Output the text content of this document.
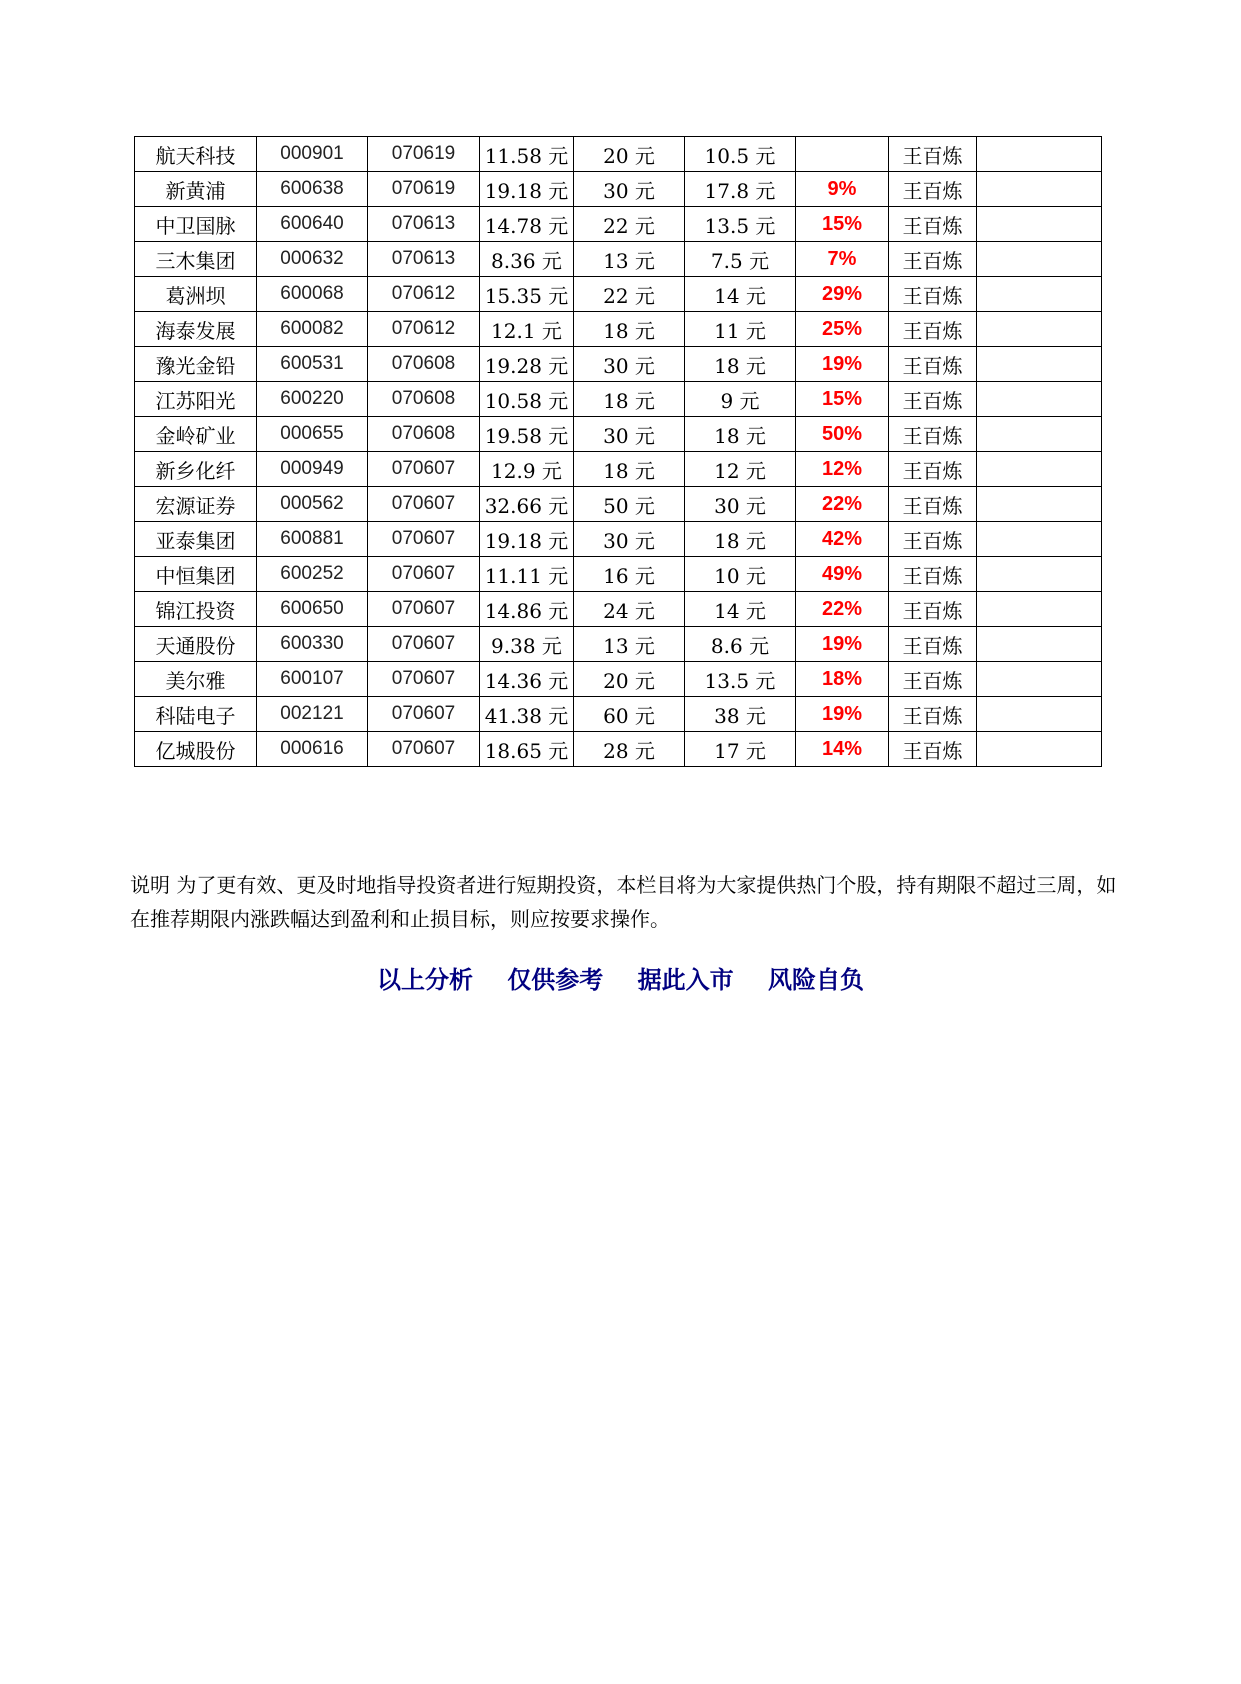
航天科技	000901	070619	11.58 元	20 元	10.5 元		王百炼	
新黄浦	600638	070619	19.18 元	30 元	17.8 元	9%	王百炼	
中卫国脉	600640	070613	14.78 元	22 元	13.5 元	15%	王百炼	
三木集团	000632	070613	8.36 元	13 元	7.5 元	7%	王百炼	
葛洲坝	600068	070612	15.35 元	22 元	14 元	29%	王百炼	
海泰发展	600082	070612	12.1 元	18 元	11 元	25%	王百炼	
豫光金铅	600531	070608	19.28 元	30 元	18 元	19%	王百炼	
江苏阳光	600220	070608	10.58 元	18 元	9 元	15%	王百炼	
金岭矿业	000655	070608	19.58 元	30 元	18 元	50%	王百炼	
新乡化纤	000949	070607	12.9 元	18 元	12 元	12%	王百炼	
宏源证券	000562	070607	32.66 元	50 元	30 元	22%	王百炼	
亚泰集团	600881	070607	19.18 元	30 元	18 元	42%	王百炼	
中恒集团	600252	070607	11.11 元	16 元	10 元	49%	王百炼	
锦江投资	600650	070607	14.86 元	24 元	14 元	22%	王百炼	
天通股份	600330	070607	9.38 元	13 元	8.6 元	19%	王百炼	
美尔雅	600107	070607	14.36 元	20 元	13.5 元	18%	王百炼	
科陆电子	002121	070607	41.38 元	60 元	38 元	19%	王百炼	
亿城股份	000616	070607	18.65 元	28 元	17 元	14%	王百炼	

说明 为了更有效、更及时地指导投资者进行短期投资，本栏目将为大家提供热门个股，持有期限不超过三周，如在推荐期限内涨跌幅达到盈利和止损目标，则应按要求操作。

以上分析 仅供参考 据此入市 风险自负
